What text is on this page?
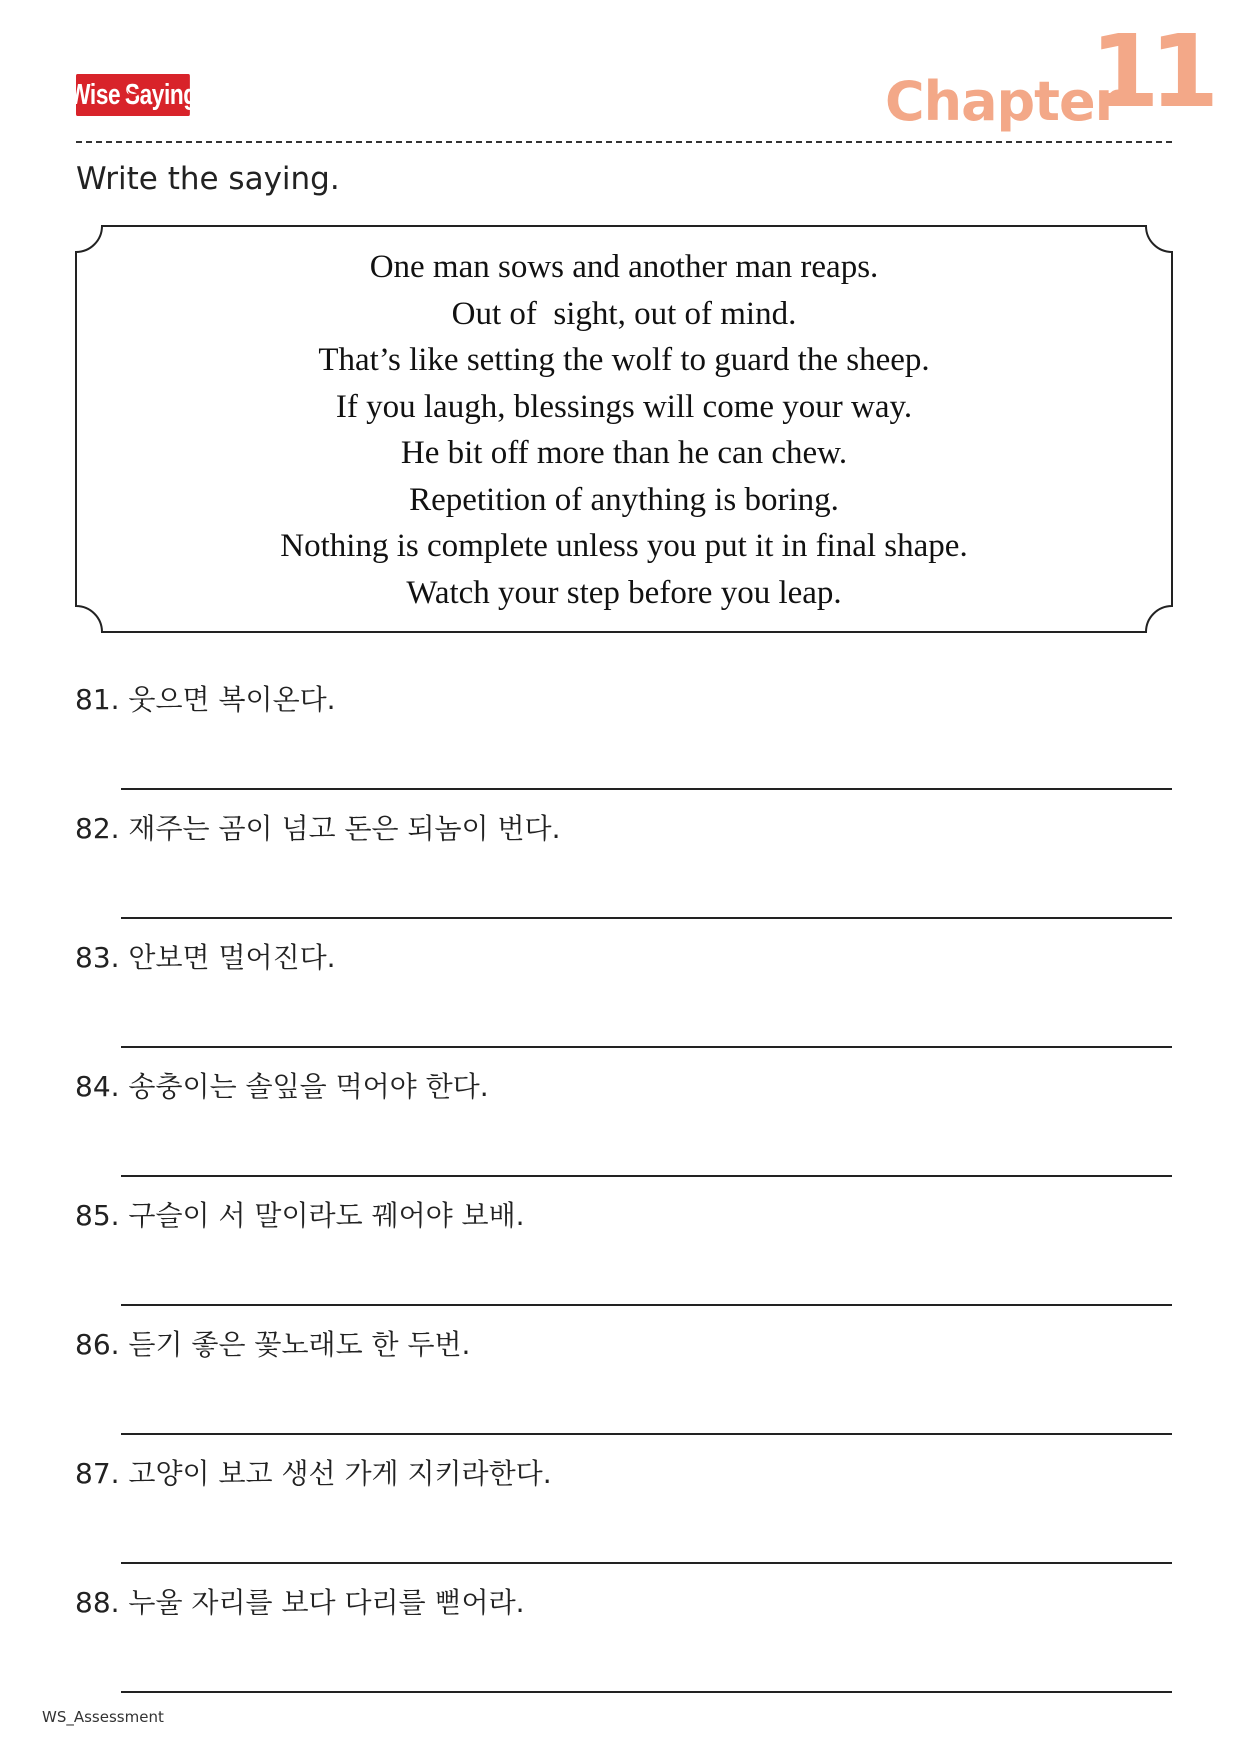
Wise Saying	Chapter
11
Write the saying.
One man sows and another man reaps.
Out of  sight, out of mind.
That’s like setting the wolf to guard the sheep.
If you laugh, blessings will come your way.
He bit off more than he can chew.
Repetition of anything is boring.
Nothing is complete unless you put it in final shape.
Watch your step before you leap.
81. 웃으면 복이온다.
82. 재주는 곰이 넘고 돈은 되놈이 번다.
83. 안보면 멀어진다.
84. 송충이는 솔잎을 먹어야 한다.
85. 구슬이 서 말이라도 꿰어야 보배.
86. 듣기 좋은 꽃노래도 한 두번.
87. 고양이 보고 생선 가게 지키라한다.
88. 누울 자리를 보다 다리를 뻗어라.
WS_Assessment
